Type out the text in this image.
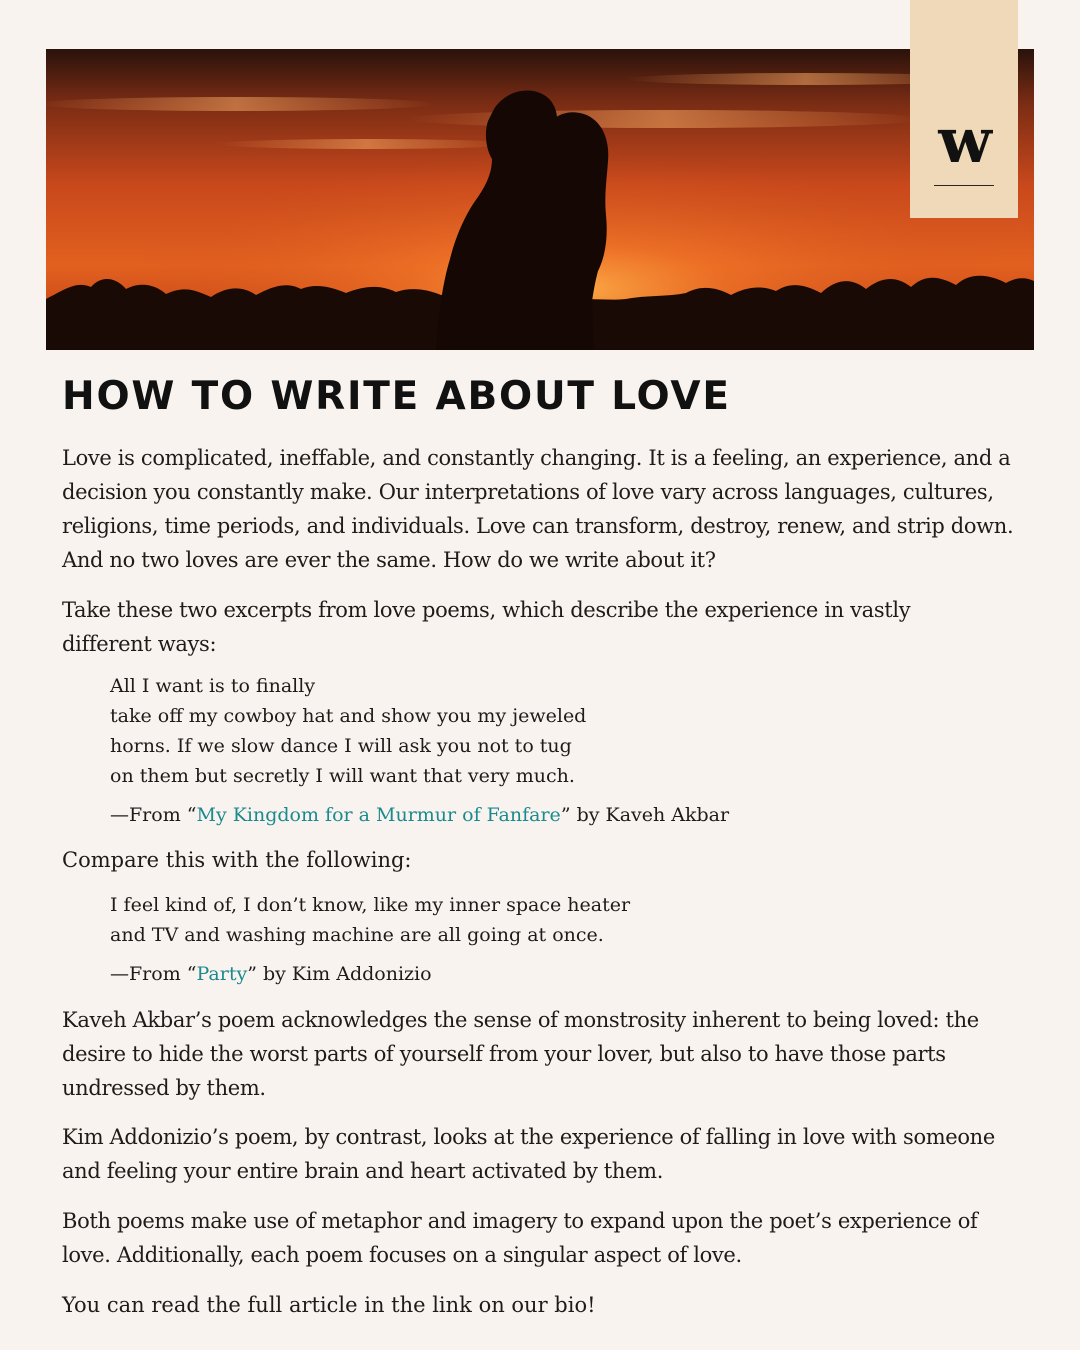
w
HOW TO WRITE ABOUT LOVE

Love is complicated, ineffable, and constantly changing. It is a feeling, an experience, and a
decision you constantly make. Our interpretations of love vary across languages, cultures,
religions, time periods, and individuals. Love can transform, destroy, renew, and strip down.
And no two loves are ever the same. How do we write about it?

Take these two excerpts from love poems, which describe the experience in vastly
different ways:

All I want is to finally
take off my cowboy hat and show you my jeweled
horns. If we slow dance I will ask you not to tug
on them but secretly I will want that very much.

—From “My Kingdom for a Murmur of Fanfare” by Kaveh Akbar

Compare this with the following:

I feel kind of, I don’t know, like my inner space heater
and TV and washing machine are all going at once.

—From “Party” by Kim Addonizio

Kaveh Akbar’s poem acknowledges the sense of monstrosity inherent to being loved: the
desire to hide the worst parts of yourself from your lover, but also to have those parts
undressed by them.

Kim Addonizio’s poem, by contrast, looks at the experience of falling in love with someone
and feeling your entire brain and heart activated by them.

Both poems make use of metaphor and imagery to expand upon the poet’s experience of
love. Additionally, each poem focuses on a singular aspect of love.

You can read the full article in the link on our bio!
